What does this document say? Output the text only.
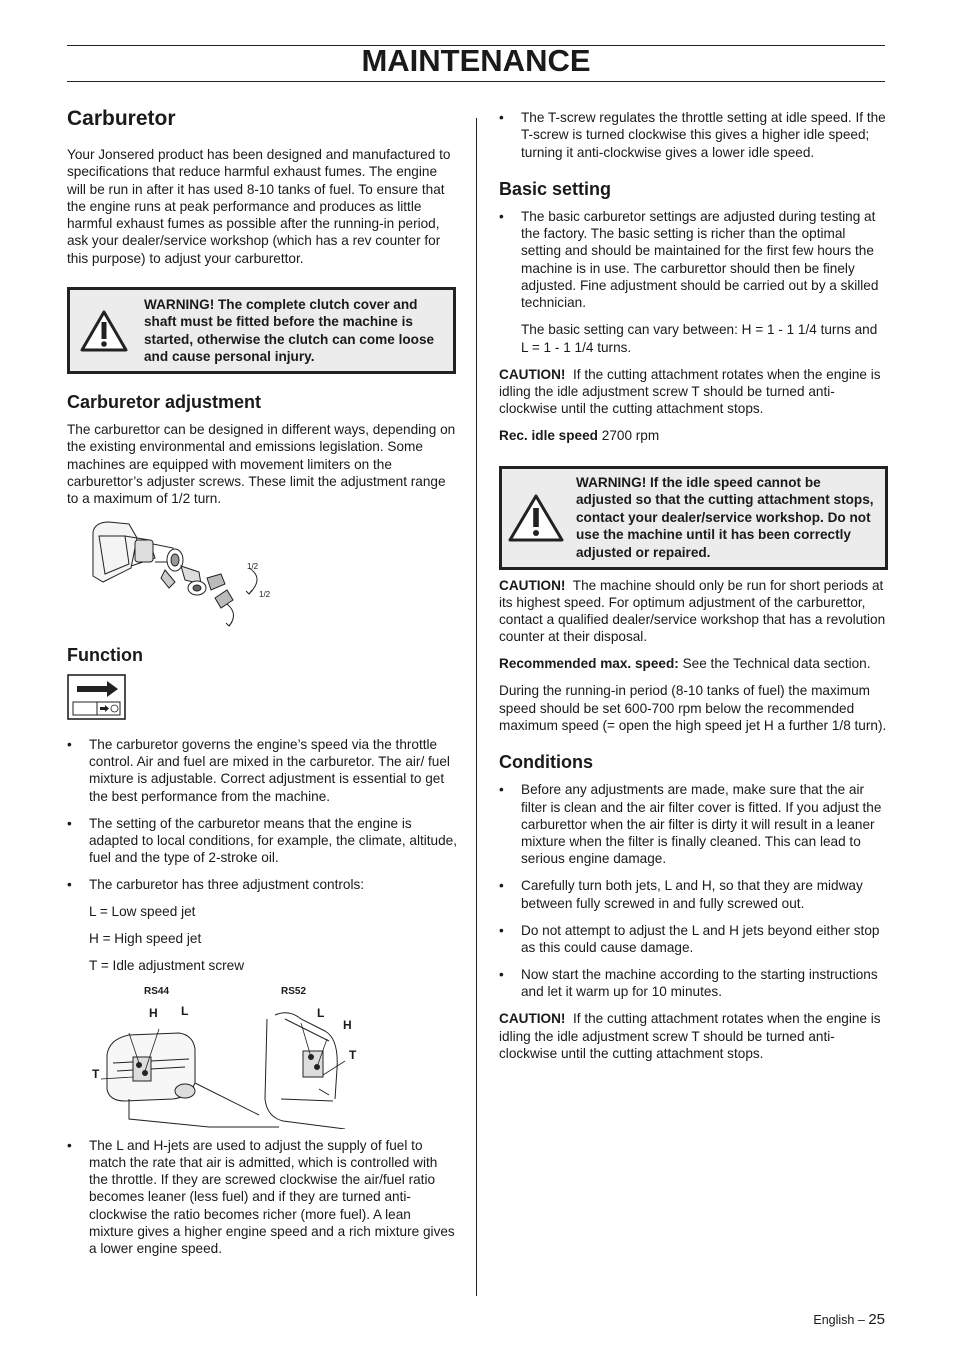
MAINTENANCE
Carburetor

Your Jonsered product has been designed and manufactured to specifications that reduce harmful exhaust fumes. The engine will be run in after it has used 8-10 tanks of fuel. To ensure that the engine runs at peak performance and produces as little harmful exhaust fumes as possible after the running-in period, ask your dealer/service workshop (which has a rev counter for this purpose) to adjust your carburettor.

WARNING! The complete clutch cover and shaft must be fitted before the machine is started, otherwise the clutch can come loose and cause personal injury.
Carburetor adjustment

The carburettor can be designed in different ways, depending on the existing environmental and emissions legislation. Some machines are equipped with movement limiters on the carburettor’s adjuster screws. These limit the adjustment range to a maximum of 1/2 turn.

1/2
1/2
Function
• The carburetor governs the engine’s speed via the throttle control. Air and fuel are mixed in the carburetor. The air/ fuel mixture is adjustable. Correct adjustment is essential to get the best performance from the machine.
• The setting of the carburetor means that the engine is adapted to local conditions, for example, the climate, altitude, fuel and the type of 2-stroke oil.
• The carburetor has three adjustment controls:

L = Low speed jet

H = High speed jet

T = Idle adjustment screw

RS44	RS52
H L
T
L
H
T
• The L and H-jets are used to adjust the supply of fuel to match the rate that air is admitted, which is controlled with the throttle. If they are screwed clockwise the air/fuel ratio becomes leaner (less fuel) and if they are turned anti-clockwise the ratio becomes richer (more fuel). A lean mixture gives a higher engine speed and a rich mixture gives a lower engine speed.
• The T-screw regulates the throttle setting at idle speed. If the T-screw is turned clockwise this gives a higher idle speed; turning it anti-clockwise gives a lower idle speed.
Basic setting
• The basic carburetor settings are adjusted during testing at the factory. The basic setting is richer than the optimal setting and should be maintained for the first few hours the machine is in use. The carburettor should then be finely adjusted. Fine adjustment should be carried out by a skilled technician.

The basic setting can vary between: H = 1 - 1 1/4 turns and L = 1 - 1 1/4 turns.

CAUTION! If the cutting attachment rotates when the engine is idling the idle adjustment screw T should be turned anti-clockwise until the cutting attachment stops.

Rec. idle speed 2700 rpm

WARNING! If the idle speed cannot be adjusted so that the cutting attachment stops, contact your dealer/service workshop. Do not use the machine until it has been correctly adjusted or repaired.

CAUTION! The machine should only be run for short periods at its highest speed. For optimum adjustment of the carburettor, contact a qualified dealer/service workshop that has a revolution counter at their disposal.

Recommended max. speed: See the Technical data section.

During the running-in period (8-10 tanks of fuel) the maximum speed should be set 600-700 rpm below the recommended maximum speed (= open the high speed jet H a further 1/8 turn).

Conditions
• Before any adjustments are made, make sure that the air filter is clean and the air filter cover is fitted. If you adjust the carburettor when the air filter is dirty it will result in a leaner mixture when the filter is finally cleaned. This can lead to serious engine damage.
• Carefully turn both jets, L and H, so that they are midway between fully screwed in and fully screwed out.
• Do not attempt to adjust the L and H jets beyond either stop as this could cause damage.
• Now start the machine according to the starting instructions and let it warm up for 10 minutes.

CAUTION! If the cutting attachment rotates when the engine is idling the idle adjustment screw T should be turned anti-clockwise until the cutting attachment stops.

English – 25
